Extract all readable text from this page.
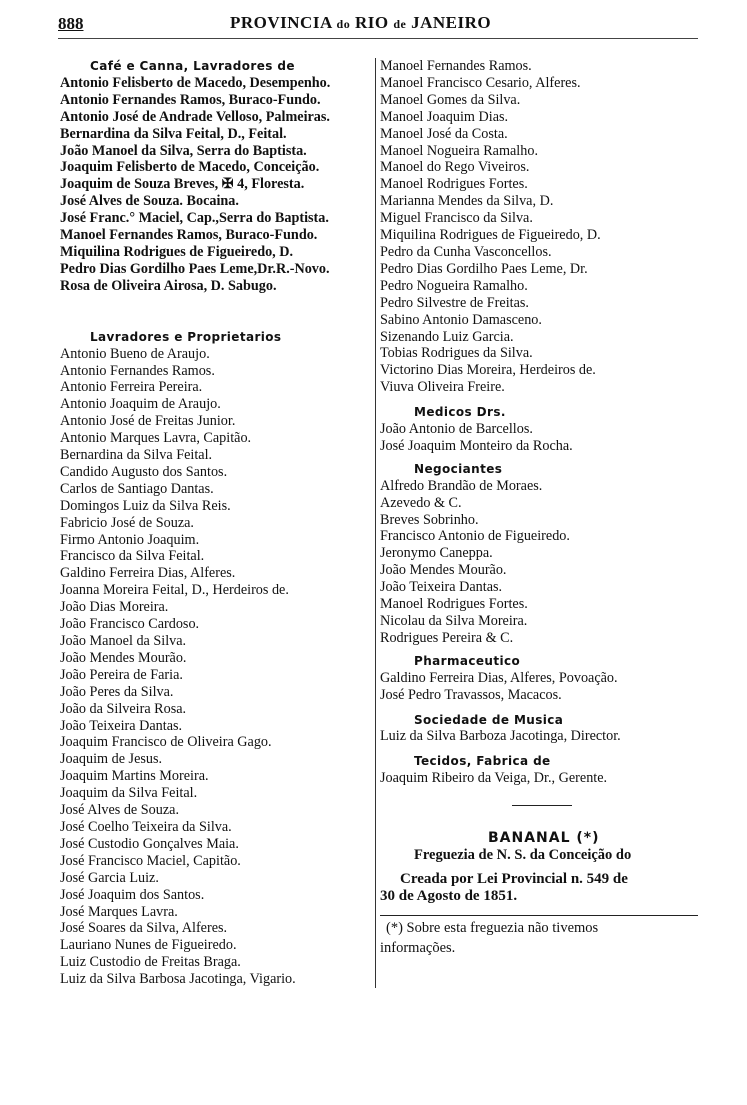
888	PROVINCIA do RIO de JANEIRO
Café e Canna, Lavradores de
Antonio Felisberto de Macedo, Desempenho.
Antonio Fernandes Ramos, Buraco-Fundo.
Antonio José de Andrade Velloso, Palmeiras.
Bernardina da Silva Feital, D., Feital.
João Manoel da Silva, Serra do Baptista.
Joaquim Felisberto de Macedo, Conceição.
Joaquim de Souza Breves, ✠ 4, Floresta.
José Alves de Souza. Bocaina.
José Franc.° Maciel, Cap.,Serra do Baptista.
Manoel Fernandes Ramos, Buraco-Fundo.
Miquilina Rodrigues de Figueiredo, D.
Pedro Dias Gordilho Paes Leme,Dr.R.-Novo.
Rosa de Oliveira Airosa, D. Sabugo.
Lavradores e Proprietarios
Antonio Bueno de Araujo.
Antonio Fernandes Ramos.
Antonio Ferreira Pereira.
Antonio Joaquim de Araujo.
Antonio José de Freitas Junior.
Antonio Marques Lavra, Capitão.
Bernardina da Silva Feital.
Candido Augusto dos Santos.
Carlos de Santiago Dantas.
Domingos Luiz da Silva Reis.
Fabricio José de Souza.
Firmo Antonio Joaquim.
Francisco da Silva Feital.
Galdino Ferreira Dias, Alferes.
Joanna Moreira Feital, D., Herdeiros de.
João Dias Moreira.
João Francisco Cardoso.
João Manoel da Silva.
João Mendes Mourão.
João Pereira de Faria.
João Peres da Silva.
João da Silveira Rosa.
João Teixeira Dantas.
Joaquim Francisco de Oliveira Gago.
Joaquim de Jesus.
Joaquim Martins Moreira.
Joaquim da Silva Feital.
José Alves de Souza.
José Coelho Teixeira da Silva.
José Custodio Gonçalves Maia.
José Francisco Maciel, Capitão.
José Garcia Luiz.
José Joaquim dos Santos.
José Marques Lavra.
José Soares da Silva, Alferes.
Lauriano Nunes de Figueiredo.
Luiz Custodio de Freitas Braga.
Luiz da Silva Barbosa Jacotinga, Vigario.
Manoel Fernandes Ramos.
Manoel Francisco Cesario, Alferes.
Manoel Gomes da Silva.
Manoel Joaquim Dias.
Manoel José da Costa.
Manoel Nogueira Ramalho.
Manoel do Rego Viveiros.
Manoel Rodrigues Fortes.
Marianna Mendes da Silva, D.
Miguel Francisco da Silva.
Miquilina Rodrigues de Figueiredo, D.
Pedro da Cunha Vasconcellos.
Pedro Dias Gordilho Paes Leme, Dr.
Pedro Nogueira Ramalho.
Pedro Silvestre de Freitas.
Sabino Antonio Damasceno.
Sizenando Luiz Garcia.
Tobias Rodrigues da Silva.
Victorino Dias Moreira, Herdeiros de.
Viuva Oliveira Freire.
Medicos Drs.
João Antonio de Barcellos.
José Joaquim Monteiro da Rocha.
Negociantes
Alfredo Brandão de Moraes.
Azevedo & C.
Breves Sobrinho.
Francisco Antonio de Figueiredo.
Jeronymo Caneppa.
João Mendes Mourão.
João Teixeira Dantas.
Manoel Rodrigues Fortes.
Nicolau da Silva Moreira.
Rodrigues Pereira & C.
Pharmaceutico
Galdino Ferreira Dias, Alferes, Povoação.
José Pedro Travassos, Macacos.
Sociedade de Musica
Luiz da Silva Barboza Jacotinga, Director.
Tecidos, Fabrica de
Joaquim Ribeiro da Veiga, Dr., Gerente.
BANANAL (*)
Freguezia de N. S. da Conceição do
Creada por Lei Provincial n. 549 de
30 de Agosto de 1851.
(*) Sobre esta freguezia não tivemos
informações.
